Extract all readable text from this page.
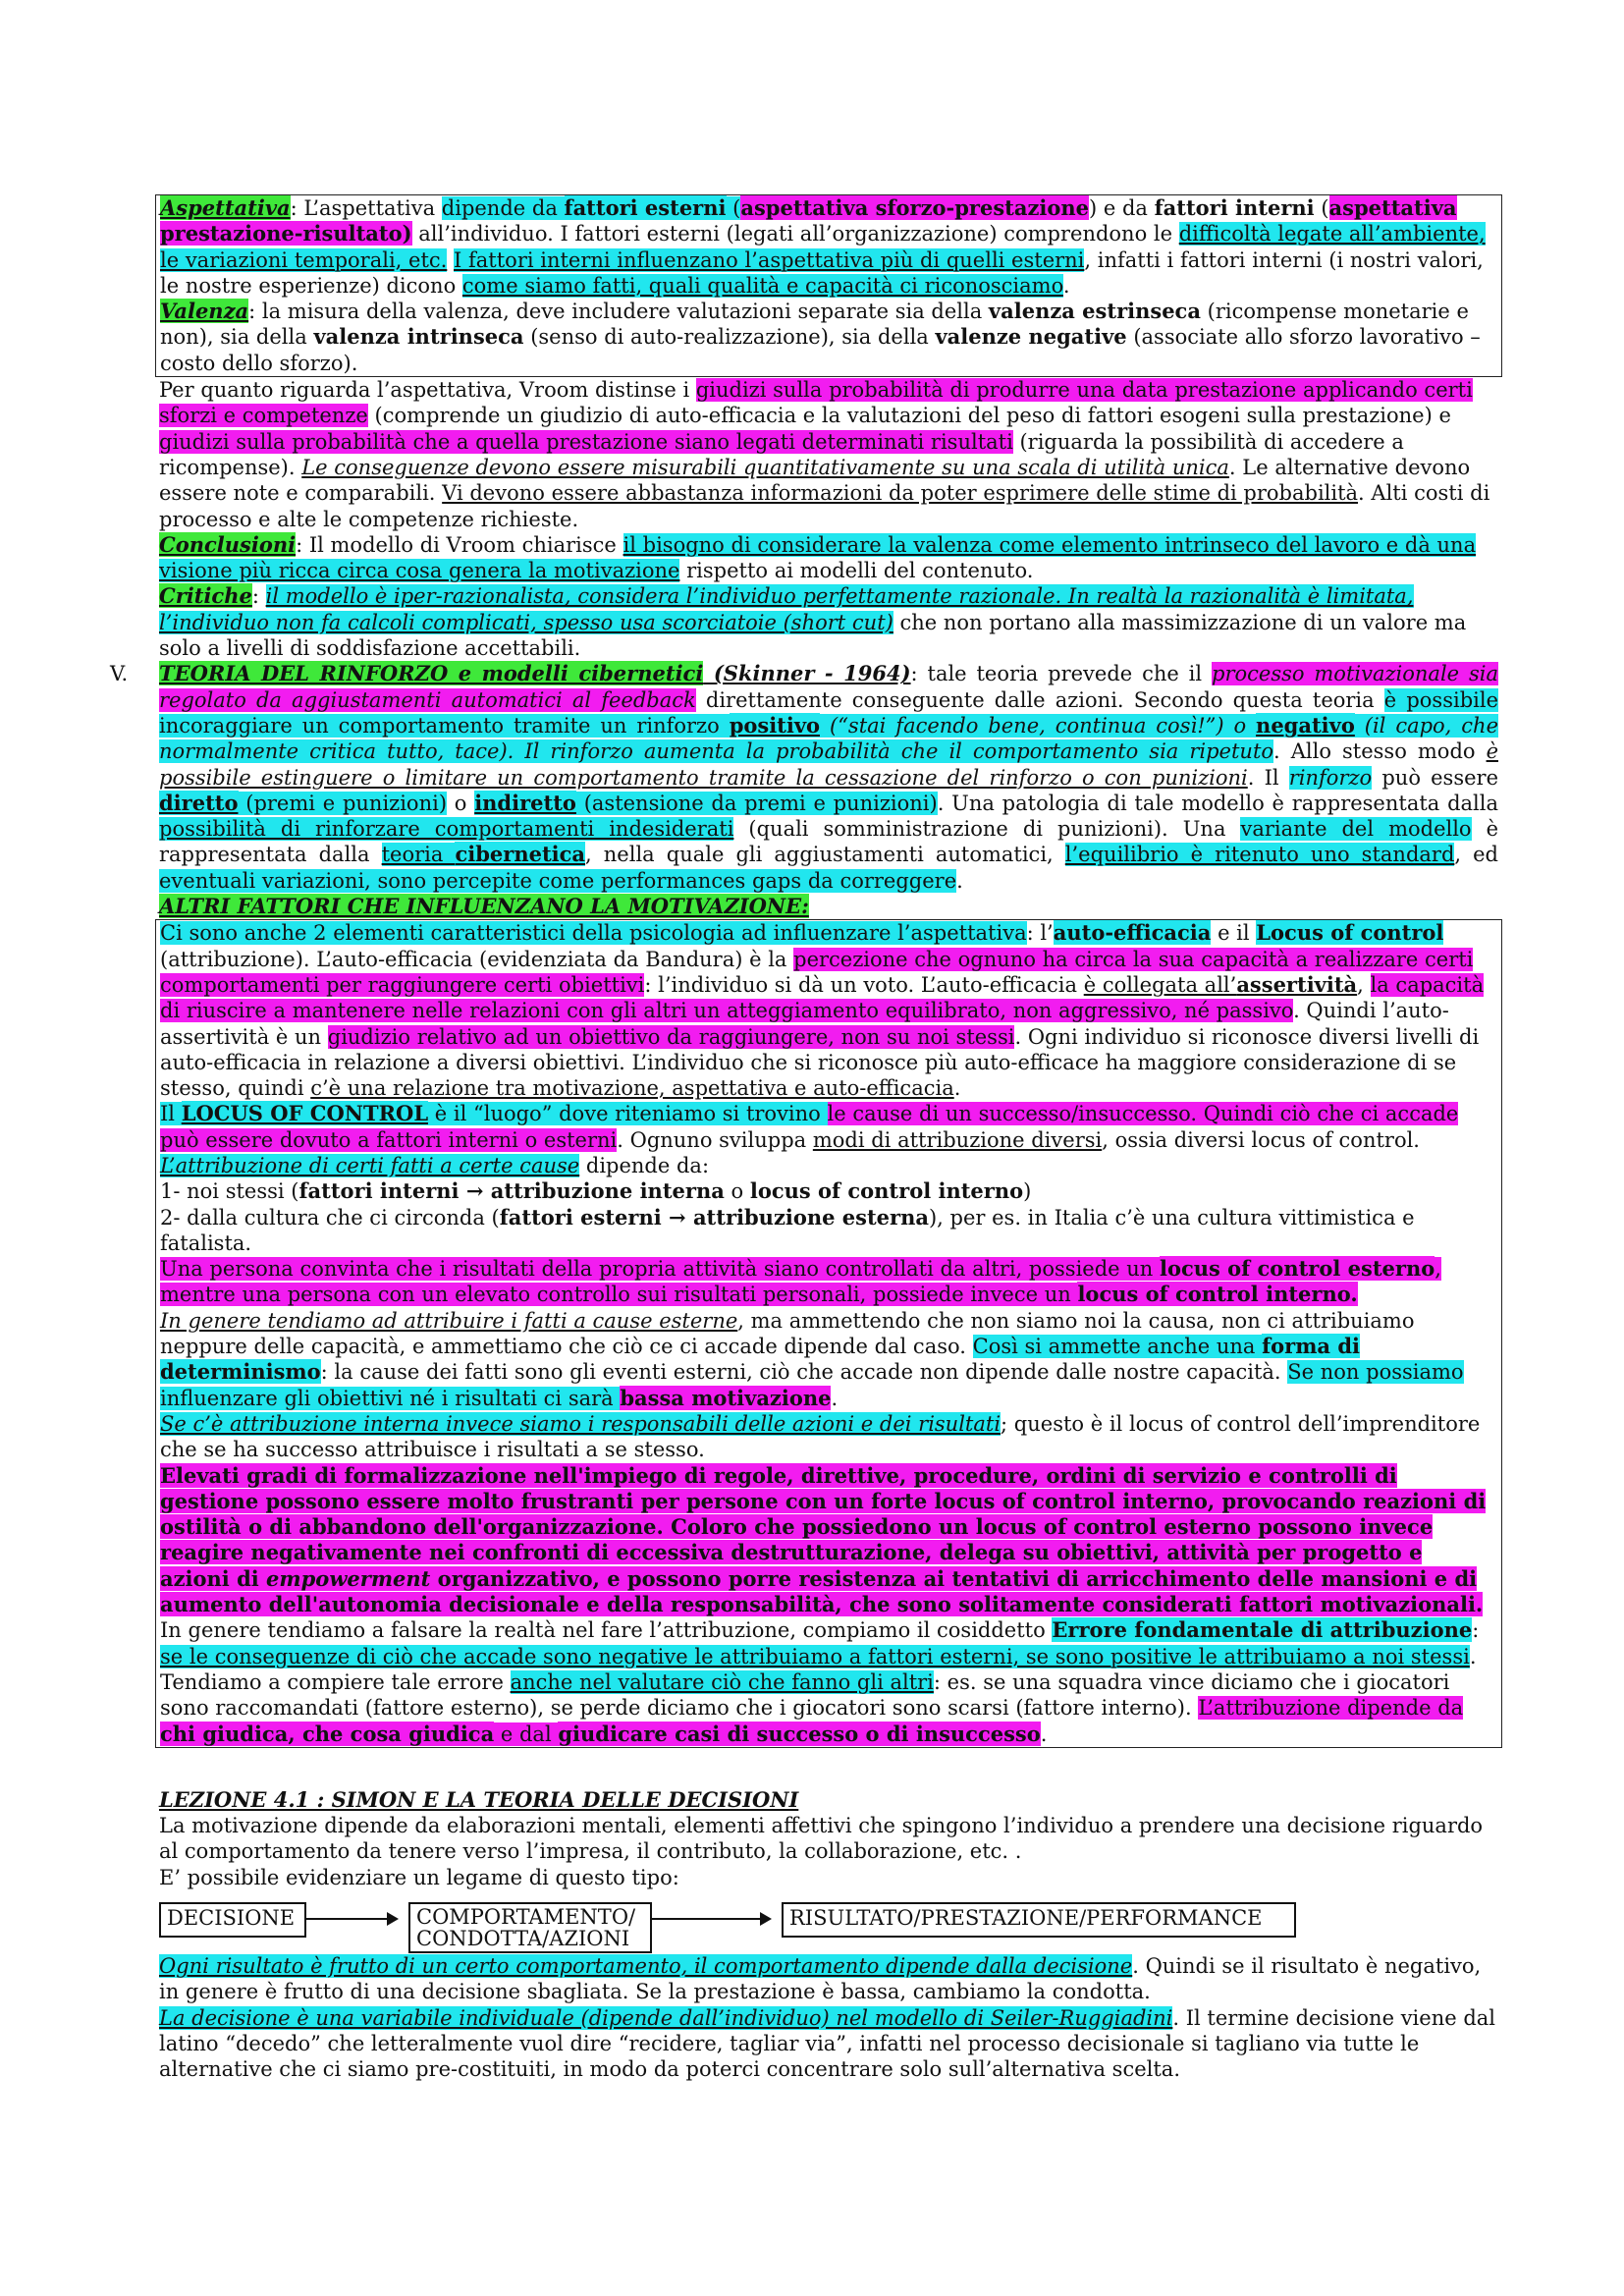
Aspettativa: L’aspettativa dipende da fattori esterni (aspettativa sforzo-prestazione) e da fattori interni (aspettativa prestazione-risultato) all’individuo. I fattori esterni (legati all’organizzazione) comprendono le difficoltà legate all’ambiente, le variazioni temporali, etc. I fattori interni influenzano l’aspettativa più di quelli esterni, infatti i fattori interni (i nostri valori, le nostre esperienze) dicono come siamo fatti, quali qualità e capacità ci riconosciamo.

Valenza: la misura della valenza, deve includere valutazioni separate sia della valenza estrinseca (ricompense monetarie e non), sia della valenza intrinseca (senso di auto-realizzazione), sia della valenze negative (associate allo sforzo lavorativo – costo dello sforzo).

Per quanto riguarda l’aspettativa, Vroom distinse i giudizi sulla probabilità di produrre una data prestazione applicando certi sforzi e competenze (comprende un giudizio di auto-efficacia e la valutazioni del peso di fattori esogeni sulla prestazione) e giudizi sulla probabilità che a quella prestazione siano legati determinati risultati (riguarda la possibilità di accedere a ricompense). Le conseguenze devono essere misurabili quantitativamente su una scala di utilità unica. Le alternative devono essere note e comparabili. Vi devono essere abbastanza informazioni da poter esprimere delle stime di probabilità. Alti costi di processo e alte le competenze richieste.

Conclusioni: Il modello di Vroom chiarisce il bisogno di considerare la valenza come elemento intrinseco del lavoro e dà una visione più ricca circa cosa genera la motivazione rispetto ai modelli del contenuto.

Critiche: il modello è iper-razionalista, considera l’individuo perfettamente razionale. In realtà la razionalità è limitata, l’individuo non fa calcoli complicati, spesso usa scorciatoie (short cut) che non portano alla massimizzazione di un valore ma solo a livelli di soddisfazione accettabili.

V. TEORIA DEL RINFORZO e modelli cibernetici (Skinner - 1964): tale teoria prevede che il processo motivazionale sia regolato da aggiustamenti automatici al feedback direttamente conseguente dalle azioni. Secondo questa teoria è possibile incoraggiare un comportamento tramite un rinforzo positivo (“stai facendo bene, continua così!”) o negativo (il capo, che normalmente critica tutto, tace). Il rinforzo aumenta la probabilità che il comportamento sia ripetuto. Allo stesso modo è possibile estinguere o limitare un comportamento tramite la cessazione del rinforzo o con punizioni. Il rinforzo può essere diretto (premi e punizioni) o indiretto (astensione da premi e punizioni). Una patologia di tale modello è rappresentata dalla possibilità di rinforzare comportamenti indesiderati (quali somministrazione di punizioni). Una variante del modello è rappresentata dalla teoria cibernetica, nella quale gli aggiustamenti automatici, l’equilibrio è ritenuto uno standard, ed eventuali variazioni, sono percepite come performances gaps da correggere.

ALTRI FATTORI CHE INFLUENZANO LA MOTIVAZIONE:

Ci sono anche 2 elementi caratteristici della psicologia ad influenzare l’aspettativa: l’auto-efficacia e il Locus of control (attribuzione). L’auto-efficacia (evidenziata da Bandura) è la percezione che ognuno ha circa la sua capacità a realizzare certi comportamenti per raggiungere certi obiettivi: l’individuo si dà un voto. L’auto-efficacia è collegata all’assertività, la capacità di riuscire a mantenere nelle relazioni con gli altri un atteggiamento equilibrato, non aggressivo, né passivo. Quindi l’auto-assertività è un giudizio relativo ad un obiettivo da raggiungere, non su noi stessi. Ogni individuo si riconosce diversi livelli di auto-efficacia in relazione a diversi obiettivi. L’individuo che si riconosce più auto-efficace ha maggiore considerazione di se stesso, quindi c’è una relazione tra motivazione, aspettativa e auto-efficacia.

Il LOCUS OF CONTROL è il “luogo” dove riteniamo si trovino le cause di un successo/insuccesso. Quindi ciò che ci accade può essere dovuto a fattori interni o esterni. Ognuno sviluppa modi di attribuzione diversi, ossia diversi locus of control.

L’attribuzione di certi fatti a certe cause dipende da:

1- noi stessi (fattori interni → attribuzione interna o locus of control interno)

2- dalla cultura che ci circonda (fattori esterni → attribuzione esterna), per es. in Italia c’è una cultura vittimistica e fatalista.

Una persona convinta che i risultati della propria attività siano controllati da altri, possiede un locus of control esterno, mentre una persona con un elevato controllo sui risultati personali, possiede invece un locus of control interno.

In genere tendiamo ad attribuire i fatti a cause esterne, ma ammettendo che non siamo noi la causa, non ci attribuiamo neppure delle capacità, e ammettiamo che ciò ce ci accade dipende dal caso. Così si ammette anche una forma di determinismo: la cause dei fatti sono gli eventi esterni, ciò che accade non dipende dalle nostre capacità. Se non possiamo influenzare gli obiettivi né i risultati ci sarà bassa motivazione.

Se c’è attribuzione interna invece siamo i responsabili delle azioni e dei risultati; questo è il locus of control dell’imprenditore che se ha successo attribuisce i risultati a se stesso.

Elevati gradi di formalizzazione nell'impiego di regole, direttive, procedure, ordini di servizio e controlli di gestione possono essere molto frustranti per persone con un forte locus of control interno, provocando reazioni di ostilità o di abbandono dell'organizzazione. Coloro che possiedono un locus of control esterno possono invece reagire negativamente nei confronti di eccessiva destrutturazione, delega su obiettivi, attività per progetto e azioni di empowerment organizzativo, e possono porre resistenza ai tentativi di arricchimento delle mansioni e di aumento dell'autonomia decisionale e della responsabilità, che sono solitamente considerati fattori motivazionali.

In genere tendiamo a falsare la realtà nel fare l’attribuzione, compiamo il cosiddetto Errore fondamentale di attribuzione: se le conseguenze di ciò che accade sono negative le attribuiamo a fattori esterni, se sono positive le attribuiamo a noi stessi. Tendiamo a compiere tale errore anche nel valutare ciò che fanno gli altri: es. se una squadra vince diciamo che i giocatori sono raccomandati (fattore esterno), se perde diciamo che i giocatori sono scarsi (fattore interno). L’attribuzione dipende da chi giudica, che cosa giudica e dal giudicare casi di successo o di insuccesso.

LEZIONE 4.1 : SIMON E LA TEORIA DELLE DECISIONI

La motivazione dipende da elaborazioni mentali, elementi affettivi che spingono l’individuo a prendere una decisione riguardo al comportamento da tenere verso l’impresa, il contributo, la collaborazione, etc. .

E’ possibile evidenziare un legame di questo tipo:

DECISIONE	COMPORTAMENTO/ CONDOTTA/AZIONI
RISULTATO/PRESTAZIONE/PERFORMANCE

Ogni risultato è frutto di un certo comportamento, il comportamento dipende dalla decisione. Quindi se il risultato è negativo, in genere è frutto di una decisione sbagliata. Se la prestazione è bassa, cambiamo la condotta.

La decisione è una variabile individuale (dipende dall’individuo) nel modello di Seiler-Ruggiadini. Il termine decisione viene dal latino “decedo” che letteralmente vuol dire “recidere, tagliar via”, infatti nel processo decisionale si tagliano via tutte le alternative che ci siamo pre-costituiti, in modo da poterci concentrare solo sull’alternativa scelta.
